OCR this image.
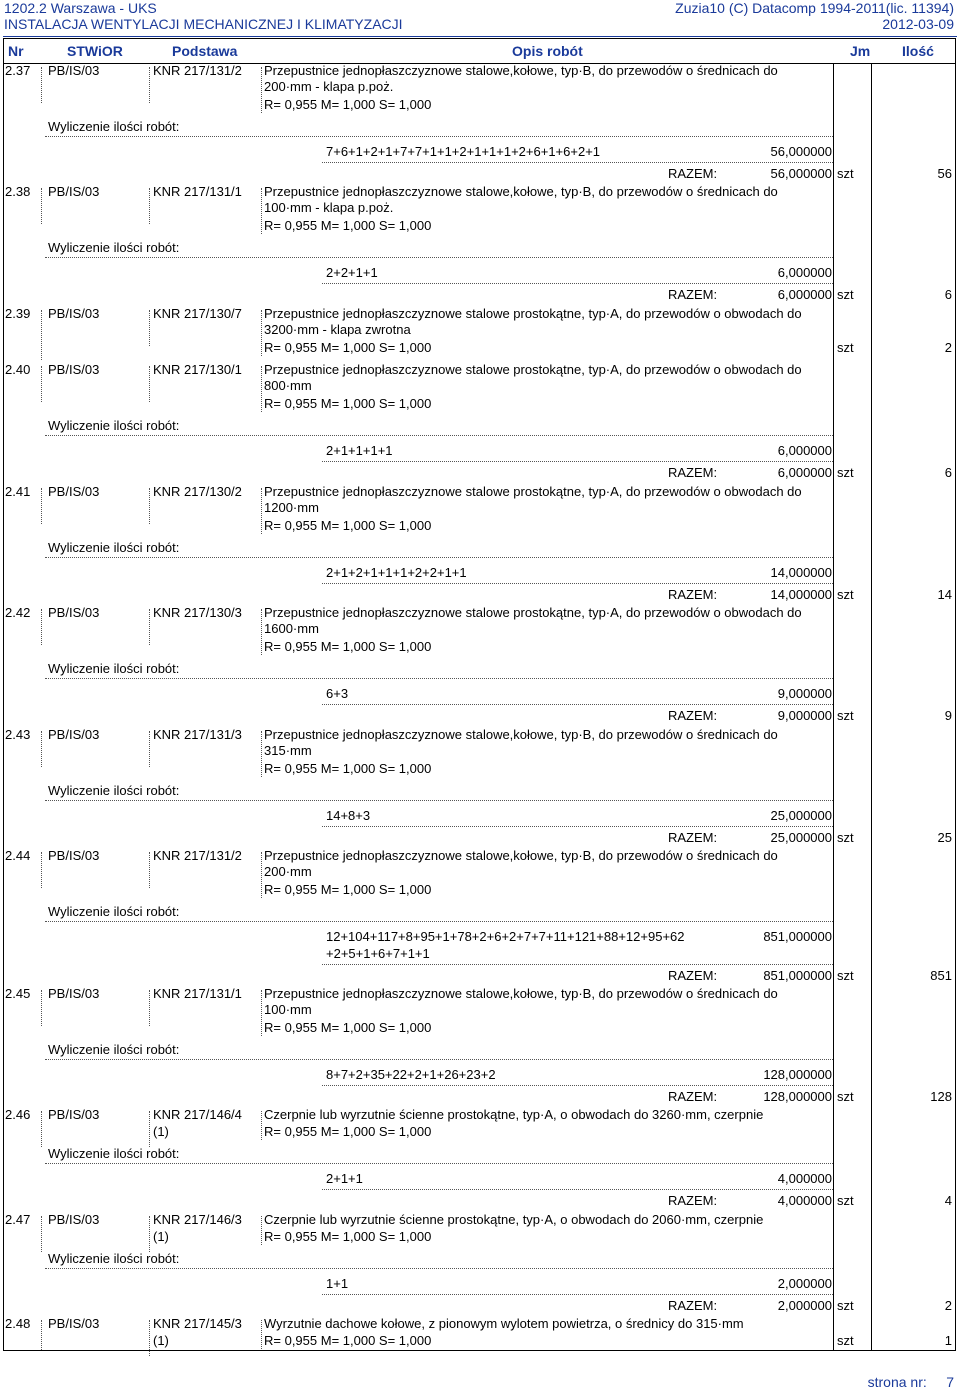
1202.2 Warszawa - UKS
INSTALACJA WENTYLACJI MECHANICZNEJ I KLIMATYZACJI
Zuzia10 (C) Datacomp 1994-2011(lic. 11394)
2012-03-09
Nr	STWiOR	Podstawa	Opis robót	Jm Ilość
2.37 PB/IS/03	KNR 217/131/2 Przepustnice jednopłaszczyznowe stalowe,kołowe, typ·B, do przewodów o średnicach do 200·mm - klapa p.poż.
R= 0,955 M= 1,000 S= 1,000
Wyliczenie ilości robót:
7+6+1+2+1+7+7+1+1+2+1+1+1+2+6+1+6+2+1	56,000000
RAZEM:	56,000000 szt	56
2.38 PB/IS/03	KNR 217/131/1 Przepustnice jednopłaszczyznowe stalowe,kołowe, typ·B, do przewodów o średnicach do 100·mm - klapa p.poż.
R= 0,955 M= 1,000 S= 1,000
Wyliczenie ilości robót:
2+2+1+1	6,000000
RAZEM:	6,000000 szt	6
2.39 PB/IS/03	KNR 217/130/7 Przepustnice jednopłaszczyznowe stalowe prostokątne, typ·A, do przewodów o obwodach do 3200·mm - klapa zwrotna
R= 0,955 M= 1,000 S= 1,000	szt	2
2.40 PB/IS/03	KNR 217/130/1 Przepustnice jednopłaszczyznowe stalowe prostokątne, typ·A, do przewodów o obwodach do 800·mm
R= 0,955 M= 1,000 S= 1,000
Wyliczenie ilości robót:
2+1+1+1+1	6,000000
RAZEM:	6,000000 szt	6
2.41 PB/IS/03	KNR 217/130/2 Przepustnice jednopłaszczyznowe stalowe prostokątne, typ·A, do przewodów o obwodach do 1200·mm
R= 0,955 M= 1,000 S= 1,000
Wyliczenie ilości robót:
2+1+2+1+1+1+2+2+1+1	14,000000
RAZEM:	14,000000 szt	14
2.42 PB/IS/03	KNR 217/130/3 Przepustnice jednopłaszczyznowe stalowe prostokątne, typ·A, do przewodów o obwodach do 1600·mm
R= 0,955 M= 1,000 S= 1,000
Wyliczenie ilości robót:
6+3	9,000000
RAZEM:	9,000000 szt	9
2.43 PB/IS/03	KNR 217/131/3 Przepustnice jednopłaszczyznowe stalowe,kołowe, typ·B, do przewodów o średnicach do 315·mm
R= 0,955 M= 1,000 S= 1,000
Wyliczenie ilości robót:
14+8+3	25,000000
RAZEM:	25,000000 szt	25
2.44 PB/IS/03	KNR 217/131/2 Przepustnice jednopłaszczyznowe stalowe,kołowe, typ·B, do przewodów o średnicach do 200·mm
R= 0,955 M= 1,000 S= 1,000
Wyliczenie ilości robót:
12+104+117+8+95+1+78+2+6+2+7+7+11+121+88+12+95+62
+2+5+1+6+7+1+1
851,000000
RAZEM:	851,000000 szt	851
2.45 PB/IS/03	KNR 217/131/1 Przepustnice jednopłaszczyznowe stalowe,kołowe, typ·B, do przewodów o średnicach do 100·mm
R= 0,955 M= 1,000 S= 1,000
Wyliczenie ilości robót:
8+7+2+35+22+2+1+26+23+2	128,000000
RAZEM:	128,000000 szt	128
2.46 PB/IS/03	KNR 217/146/4
(1)
Czerpnie lub wyrzutnie ścienne prostokątne, typ·A, o obwodach do 3260·mm, czerpnie
R= 0,955 M= 1,000 S= 1,000
Wyliczenie ilości robót:
2+1+1	4,000000
RAZEM:	4,000000 szt	4
2.47 PB/IS/03	KNR 217/146/3
(1)
Czerpnie lub wyrzutnie ścienne prostokątne, typ·A, o obwodach do 2060·mm, czerpnie
R= 0,955 M= 1,000 S= 1,000
Wyliczenie ilości robót:
1+1	2,000000
RAZEM:	2,000000 szt	2
2.48 PB/IS/03	KNR 217/145/3
(1)
Wyrzutnie dachowe kołowe, z pionowym wylotem powietrza, o średnicy do 315·mm
R= 0,955 M= 1,000 S= 1,000	szt	1
strona nr: 7
